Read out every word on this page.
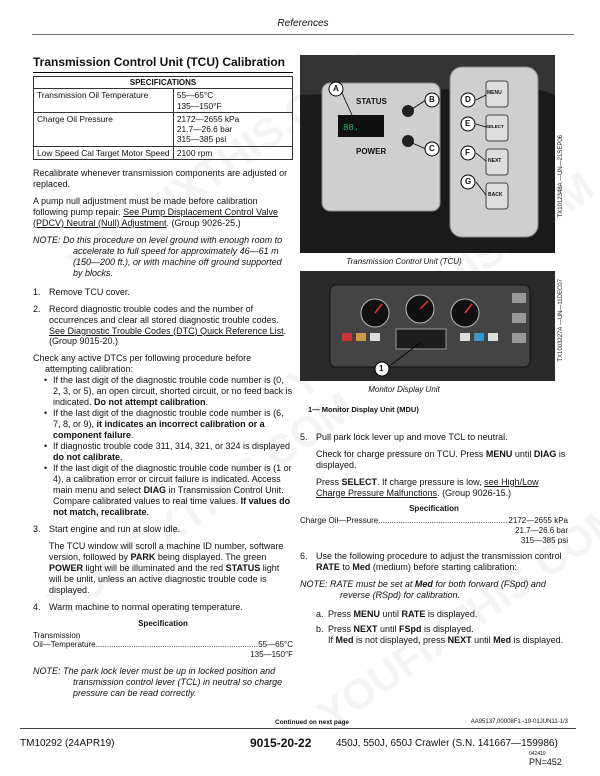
References
Transmission Control Unit (TCU) Calibration
SPECIFICATIONS	
Transmission Oil Temperature	55—65°C
135—150°F

Charge Oil Pressure	2172—2655 kPa
21.7—26.6 bar
315—385 psi

Low Speed Cal Target Motor Speed	2100 rpm

Recalibrate whenever transmission components are adjusted or replaced.

A pump null adjustment must be made before calibration following pump repair. See Pump Displacement Control Valve (PDCV) Neutral (Null) Adjustment. (Group 9026-25.)

NOTE: Do this procedure on level ground with enough room to accelerate to full speed for approximately 46—61 m (150—200 ft.), or with machine off ground supported by blocks.
1. Remove TCU cover.
2. Record diagnostic trouble codes and the number of occurrences and clear all stored diagnostic trouble codes. See Diagnostic Trouble Codes (DTC) Quick Reference List. (Group 9015-20.)
Check any active DTCs per following procedure before attempting calibration:
• If the last digit of the diagnostic trouble code number is (0, 2, 3, or 5), an open circuit, shorted circuit, or no feed back is indicated. Do not attempt calibration.
• If the last digit of the diagnostic trouble code number is (6, 7, 8, or 9), it indicates an incorrect calibration or a component failure.
• If diagnostic trouble code 311, 314, 321, or 324 is displayed do not calibrate.
• If the last digit of the diagnostic trouble code number is (1 or 4), a calibration error or circuit failure is indicated. Access main menu and select DIAG in Transmission Control Unit. Compare calibrated values to real time values. If values do not match, recalibrate.
3. Start engine and run at slow idle.

The TCU window will scroll a machine ID number, software version, followed by PARK being displayed. The green POWER light will be illuminated and the red STATUS light will be unlit, unless an active diagnostic trouble code is displayed.

4. Warm machine to normal operating temperature.
Specification
Transmission
Oil—Temperature .....	55—65°C
135—150°F
NOTE: The park lock lever must be up in locked position and transmission control lever (TCL) in neutral so charge pressure can be read correctly.
88.
STATUS
POWER
MENU
SELECT
NEXT
BACK
A
B
C
D
E
F
G	TX1012348A —UN—21SEP06
Transmission Control Unit (TCU)
1
TX1003227A —UN—11DEC07
Monitor Display Unit
1— Monitor Display Unit (MDU)
5. Pull park lock lever up and move TCL to neutral.

Check for charge pressure on TCU. Press MENU until DIAG is displayed.

Press SELECT. If charge pressure is low, see High/Low Charge Pressure Malfunctions. (Group 9026-15.)

Specification
Charge Oil—Pressure .....	2172—2655 kPa
21.7—26.6 bar
315—385 psi
6. Use the following procedure to adjust the transmission control RATE to Med (medium) before starting calibration:
NOTE: RATE must be set at Med for both forward (FSpd) and reverse (RSpd) for calibration.
a. Press MENU until RATE is displayed.
b. Press NEXT until FSpd is displayed.
If Med is not displayed, press NEXT until Med is displayed.
Continued on next page	AA95137,00008F1 -19-01JUN11-1/3
TM10292 (24APR19)	9015-20-22 450J, 550J, 650J Crawler (S.N. 141667—159986)
042419
PN=452
